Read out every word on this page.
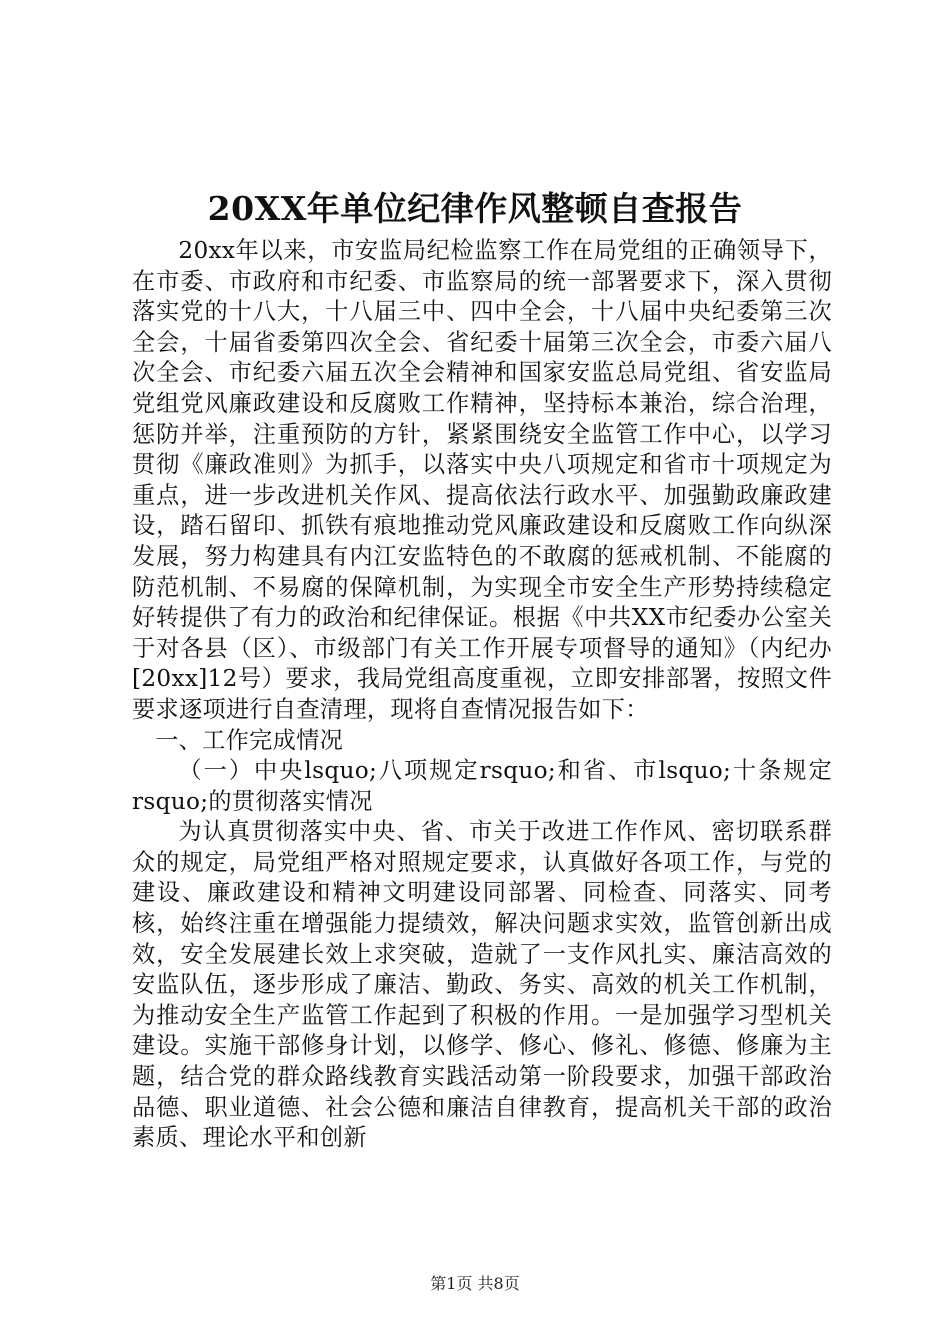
20XX年单位纪律作风整顿自查报告

20xx年以来，市安监局纪检监察工作在局党组的正确领导下，在市委、市政府和市纪委、市监察局的统一部署要求下，深入贯彻落实党的十八大，十八届三中、四中全会，十八届中央纪委第三次全会，十届省委第四次全会、省纪委十届第三次全会，市委六届八次全会、市纪委六届五次全会精神和国家安监总局党组、省安监局党组党风廉政建设和反腐败工作精神，坚持标本兼治，综合治理，惩防并举，注重预防的方针，紧紧围绕安全监管工作中心，以学习贯彻《廉政准则》为抓手，以落实中央八项规定和省市十项规定为重点，进一步改进机关作风、提高依法行政水平、加强勤政廉政建设，踏石留印、抓铁有痕地推动党风廉政建设和反腐败工作向纵深发展，努力构建具有内江安监特色的不敢腐的惩戒机制、不能腐的防范机制、不易腐的保障机制，为实现全市安全生产形势持续稳定好转提供了有力的政治和纪律保证。根据《中共XX市纪委办公室关于对各县（区）、市级部门有关工作开展专项督导的通知》（内纪办[20xx]12号）要求，我局党组高度重视，立即安排部署，按照文件要求逐项进行自查清理，现将自查情况报告如下：

一、工作完成情况

（一）中央lsquo;八项规定rsquo;和省、市lsquo;十条规定rsquo;的贯彻落实情况

为认真贯彻落实中央、省、市关于改进工作作风、密切联系群众的规定，局党组严格对照规定要求，认真做好各项工作，与党的建设、廉政建设和精神文明建设同部署、同检查、同落实、同考核，始终注重在增强能力提绩效，解决问题求实效，监管创新出成效，安全发展建长效上求突破，造就了一支作风扎实、廉洁高效的安监队伍，逐步形成了廉洁、勤政、务实、高效的机关工作机制，为推动安全生产监管工作起到了积极的作用。一是加强学习型机关建设。实施干部修身计划，以修学、修心、修礼、修德、修廉为主题，结合党的群众路线教育实践活动第一阶段要求，加强干部政治品德、职业道德、社会公德和廉洁自律教育，提高机关干部的政治素质、理论水平和创新

第1页 共8页
